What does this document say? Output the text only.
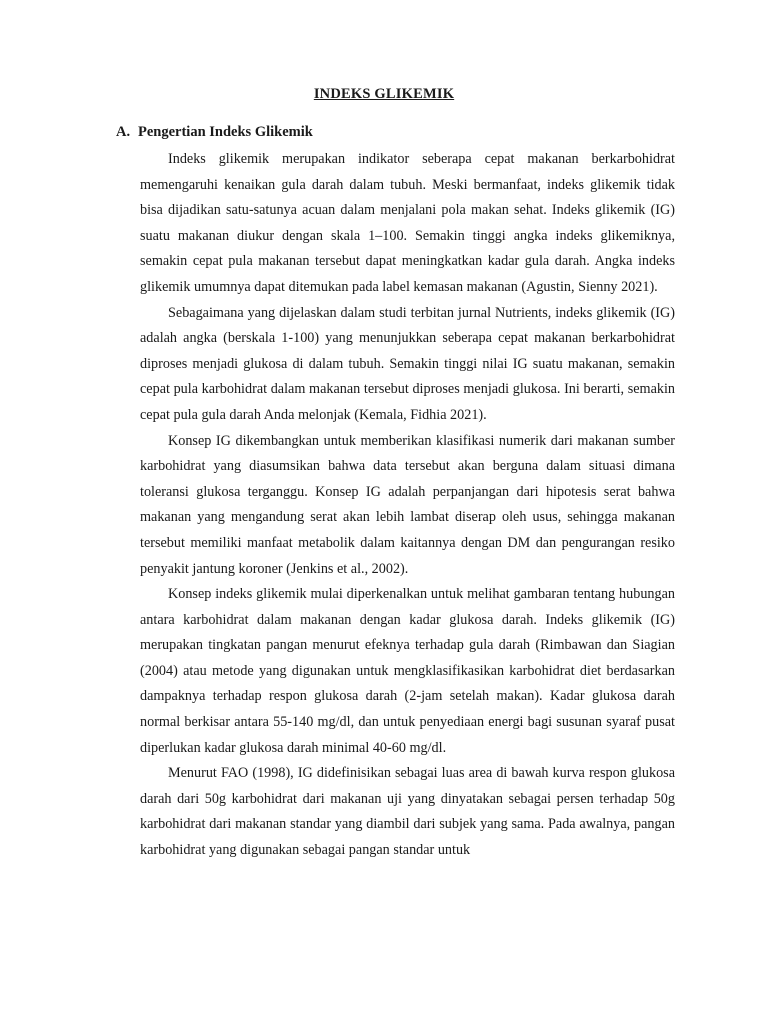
INDEKS GLIKEMIK
A. Pengertian Indeks Glikemik

Indeks glikemik merupakan indikator seberapa cepat makanan berkarbohidrat memengaruhi kenaikan gula darah dalam tubuh. Meski bermanfaat, indeks glikemik tidak bisa dijadikan satu-satunya acuan dalam menjalani pola makan sehat. Indeks glikemik (IG) suatu makanan diukur dengan skala 1–100. Semakin tinggi angka indeks glikemiknya, semakin cepat pula makanan tersebut dapat meningkatkan kadar gula darah. Angka indeks glikemik umumnya dapat ditemukan pada label kemasan makanan (Agustin, Sienny 2021).

Sebagaimana yang dijelaskan dalam studi terbitan jurnal Nutrients, indeks glikemik (IG) adalah angka (berskala 1-100) yang menunjukkan seberapa cepat makanan berkarbohidrat diproses menjadi glukosa di dalam tubuh. Semakin tinggi nilai IG suatu makanan, semakin cepat pula karbohidrat dalam makanan tersebut diproses menjadi glukosa. Ini berarti, semakin cepat pula gula darah Anda melonjak (Kemala, Fidhia 2021).

Konsep IG dikembangkan untuk memberikan klasifikasi numerik dari makanan sumber karbohidrat yang diasumsikan bahwa data tersebut akan berguna dalam situasi dimana toleransi glukosa terganggu. Konsep IG adalah perpanjangan dari hipotesis serat bahwa makanan yang mengandung serat akan lebih lambat diserap oleh usus, sehingga makanan tersebut memiliki manfaat metabolik dalam kaitannya dengan DM dan pengurangan resiko penyakit jantung koroner (Jenkins et al., 2002).

Konsep indeks glikemik mulai diperkenalkan untuk melihat gambaran tentang hubungan antara karbohidrat dalam makanan dengan kadar glukosa darah. Indeks glikemik (IG) merupakan tingkatan pangan menurut efeknya terhadap gula darah (Rimbawan dan Siagian (2004) atau metode yang digunakan untuk mengklasifikasikan karbohidrat diet berdasarkan dampaknya terhadap respon glukosa darah (2-jam setelah makan). Kadar glukosa darah normal berkisar antara 55-140 mg/dl, dan untuk penyediaan energi bagi susunan syaraf pusat diperlukan kadar glukosa darah minimal 40-60 mg/dl.

Menurut FAO (1998), IG didefinisikan sebagai luas area di bawah kurva respon glukosa darah dari 50g karbohidrat dari makanan uji yang dinyatakan sebagai persen terhadap 50g karbohidrat dari makanan standar yang diambil dari subjek yang sama. Pada awalnya, pangan karbohidrat yang digunakan sebagai pangan standar untuk
